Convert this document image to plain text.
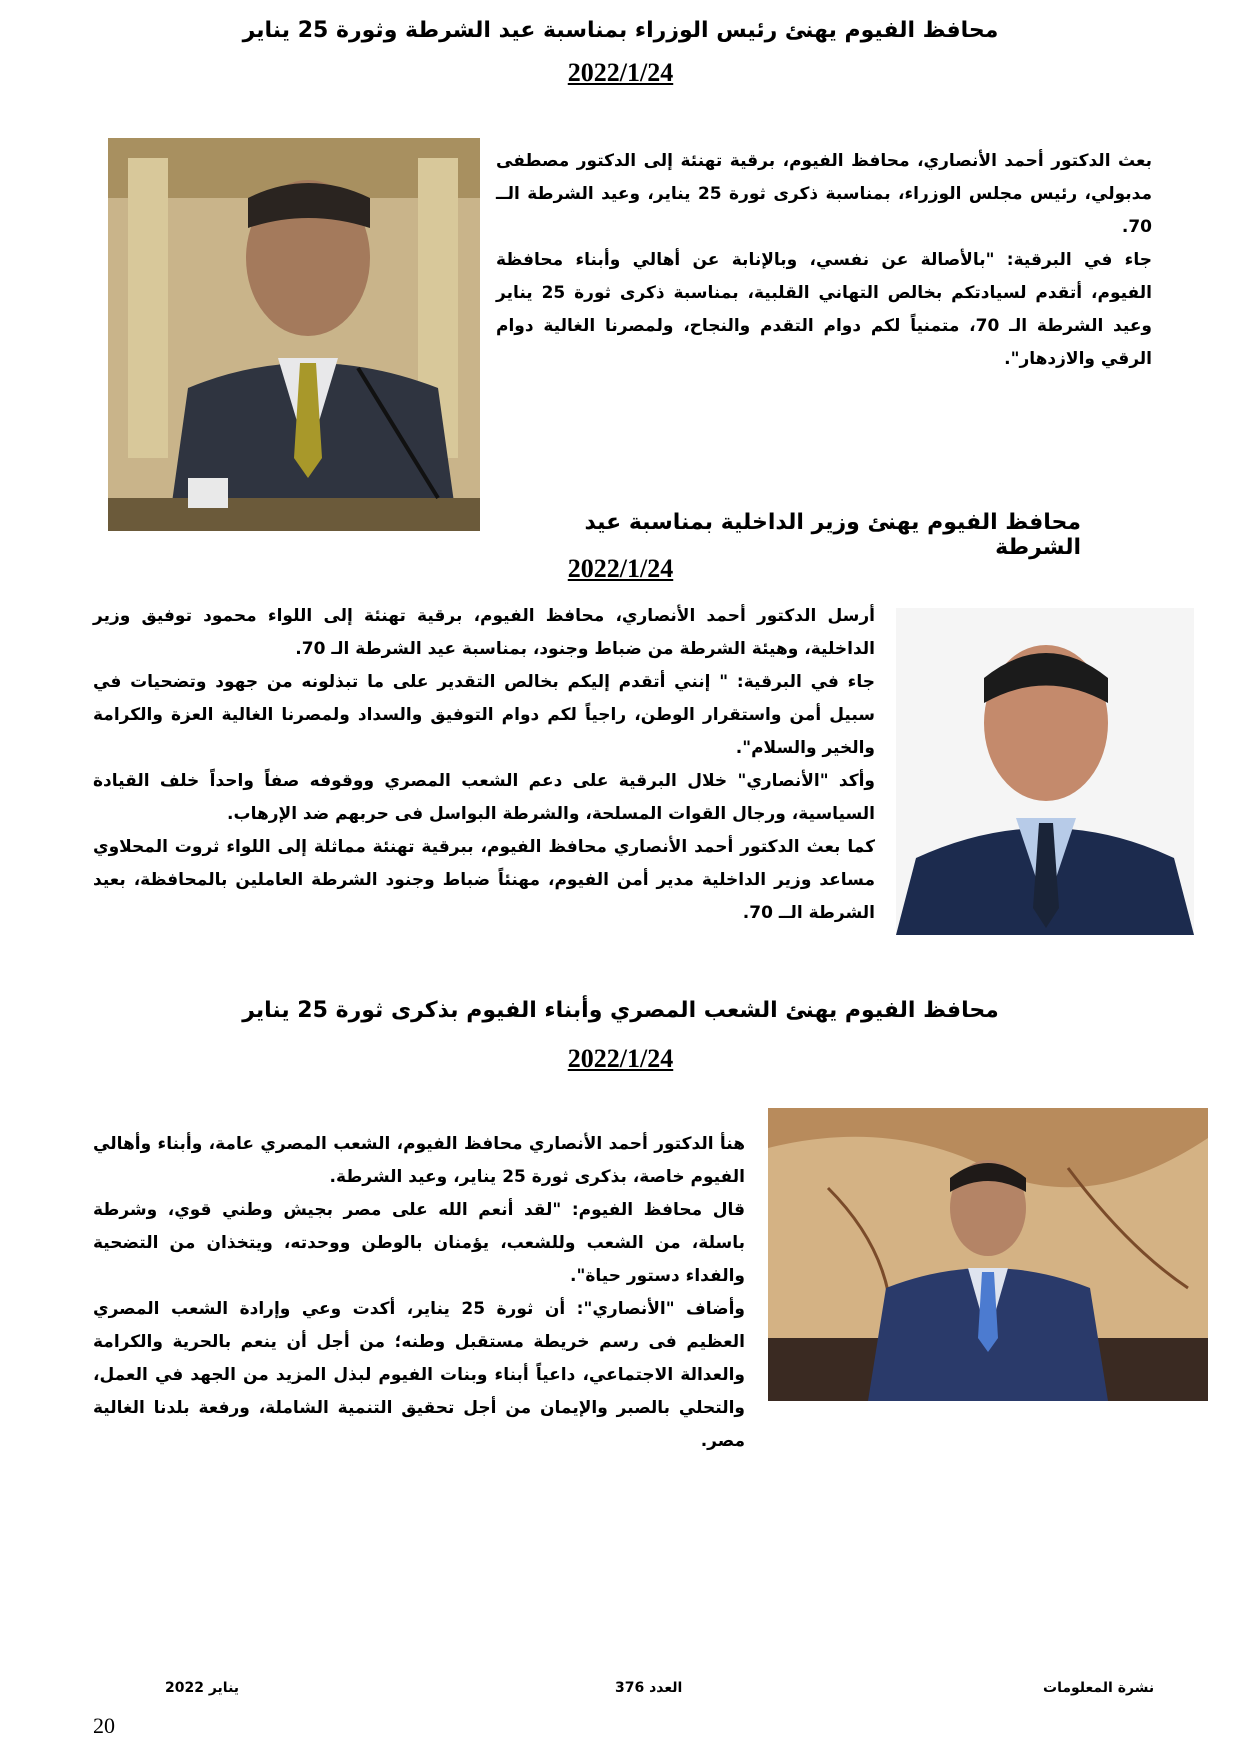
محافظ الفيوم يهنئ رئيس الوزراء بمناسبة عيد الشرطة وثورة 25 يناير
2022/1/24

بعث الدكتور أحمد الأنصاري، محافظ الفيوم، برقية تهنئة إلى الدكتور مصطفى مدبولي، رئيس مجلس الوزراء، بمناسبة ذكرى ثورة 25 يناير، وعيد الشرطة الــ 70.

جاء في البرقية: "بالأصالة عن نفسي، وبالإنابة عن أهالي وأبناء محافظة الفيوم، أتقدم لسيادتكم بخالص التهاني القلبية، بمناسبة ذكرى ثورة 25 يناير وعيد الشرطة الـ 70، متمنياً لكم دوام التقدم والنجاح، ولمصرنا الغالية دوام الرقي والازدهار".

محافظ الفيوم يهنئ وزير الداخلية بمناسبة عيد الشرطة
2022/1/24

أرسل الدكتور أحمد الأنصاري، محافظ الفيوم، برقية تهنئة إلى اللواء محمود توفيق وزير الداخلية، وهيئة الشرطة من ضباط وجنود، بمناسبة عيد الشرطة الـ 70.

جاء في البرقية: " إنني أتقدم إليكم بخالص التقدير على ما تبذلونه من جهود وتضحيات في سبيل أمن واستقرار الوطن، راجياً لكم دوام التوفيق والسداد ولمصرنا الغالية العزة والكرامة والخير والسلام".

وأكد "الأنصاري" خلال البرقية على دعم الشعب المصري ووقوفه صفاً واحداً خلف القيادة السياسية، ورجال القوات المسلحة، والشرطة البواسل فى حربهم ضد الإرهاب.

كما بعث الدكتور أحمد الأنصاري محافظ الفيوم، ببرقية تهنئة مماثلة إلى اللواء ثروت المحلاوي مساعد وزير الداخلية مدير أمن الفيوم، مهنئاً ضباط وجنود الشرطة العاملين بالمحافظة، بعيد الشرطة الــ 70.

محافظ الفيوم يهنئ الشعب المصري وأبناء الفيوم بذكرى ثورة 25 يناير
2022/1/24

هنأ الدكتور أحمد الأنصاري محافظ الفيوم، الشعب المصري عامة، وأبناء وأهالي الفيوم خاصة، بذكرى ثورة 25 يناير، وعيد الشرطة.

قال محافظ الفيوم: "لقد أنعم الله على مصر بجيش وطني قوي، وشرطة باسلة، من الشعب وللشعب، يؤمنان بالوطن ووحدته، ويتخذان من التضحية والفداء دستور حياة".

وأضاف "الأنصاري": أن ثورة 25 يناير، أكدت وعي وإرادة الشعب المصري العظيم فى رسم خريطة مستقبل وطنه؛ من أجل أن ينعم بالحرية والكرامة والعدالة الاجتماعي، داعياً أبناء وبنات الفيوم لبذل المزيد من الجهد في العمل، والتحلي بالصبر والإيمان من أجل تحقيق التنمية الشاملة، ورفعة بلدنا الغالية مصر.

نشرة المعلومات
العدد 376
يناير 2022
20
